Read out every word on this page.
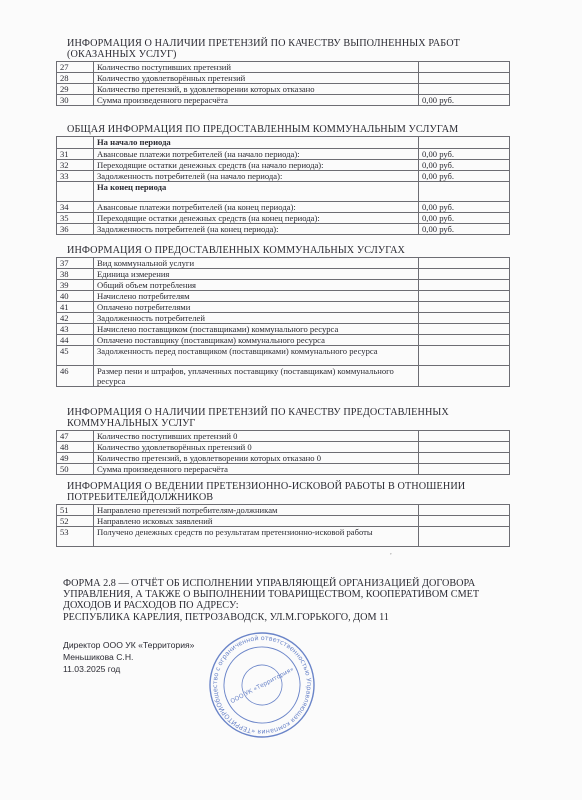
ИНФОРМАЦИЯ О НАЛИЧИИ ПРЕТЕНЗИЙ ПО КАЧЕСТВУ ВЫПОЛНЕННЫХ РАБОТ
(ОКАЗАННЫХ УСЛУГ)
27	Количество поступивших претензий	
28	Количество удовлетворённых претензий	
29	Количество претензий, в удовлетворении которых отказано	
30	Сумма произведенного перерасчёта	0,00 руб.
ОБЩАЯ ИНФОРМАЦИЯ ПО ПРЕДОСТАВЛЕННЫМ КОММУНАЛЬНЫМ УСЛУГАМ
	На начало периода	
31	Авансовые платежи потребителей (на начало периода):	0,00 руб.
32	Переходящие остатки денежных средств (на начало периода):	0,00 руб.
33	Задолженность потребителей (на начало периода):	0,00 руб.
	На конец периода	
34	Авансовые платежи потребителей (на конец периода):	0,00 руб.
35	Переходящие остатки денежных средств (на конец периода):	0,00 руб.
36	Задолженность потребителей (на конец периода):	0,00 руб.
ИНФОРМАЦИЯ О ПРЕДОСТАВЛЕННЫХ КОММУНАЛЬНЫХ УСЛУГАХ
37	Вид коммунальной услуги	
38	Единица измерения	
39	Общий объем потребления	
40	Начислено потребителям	
41	Оплачено потребителями	
42	Задолженность потребителей	
43	Начислено поставщиком (поставщиками) коммунального ресурса	
44	Оплачено поставщику (поставщикам) коммунального ресурса	
45	Задолженность перед поставщиком (поставщиками) коммунального ресурса	
46	Размер пени и штрафов, уплаченных поставщику (поставщикам) коммунального ресурса	
ИНФОРМАЦИЯ О НАЛИЧИИ ПРЕТЕНЗИЙ ПО КАЧЕСТВУ ПРЕДОСТАВЛЕННЫХ
КОММУНАЛЬНЫХ УСЛУГ
47	Количество поступивших претензий 0	
48	Количество удовлетворённых претензий 0	
49	Количество претензий, в удовлетворении которых отказано 0	
50	Сумма произведенного перерасчёта	
ИНФОРМАЦИЯ О ВЕДЕНИИ ПРЕТЕНЗИОННО-ИСКОВОЙ РАБОТЫ В ОТНОШЕНИИ
ПОТРЕБИТЕЛЕЙДОЛЖНИКОВ
51	Направлено претензий потребителям-должникам	
52	Направлено исковых заявлений	
53	Получено денежных средств по результатам претензионно-исковой работы	
,
ФОРМА 2.8 — ОТЧЁТ ОБ ИСПОЛНЕНИИ УПРАВЛЯЮЩЕЙ ОРГАНИЗАЦИЕЙ ДОГОВОРА
УПРАВЛЕНИЯ, А ТАКЖЕ О ВЫПОЛНЕНИИ ТОВАРИЩЕСТВОМ, КООПЕРАТИВОМ СМЕТ
ДОХОДОВ И РАСХОДОВ ПО АДРЕСУ:
РЕСПУБЛИКА КАРЕЛИЯ, ПЕТРОЗАВОДСК, УЛ.М.ГОРЬКОГО, ДОМ 11
Директор ООО УК «Территория»
Меньшикова С.Н.
11.03.2025 год
Общество с ограниченной ответственностью Управляющая компания «ТЕРРИТОРИЯ»
ООО УК «Территория»
